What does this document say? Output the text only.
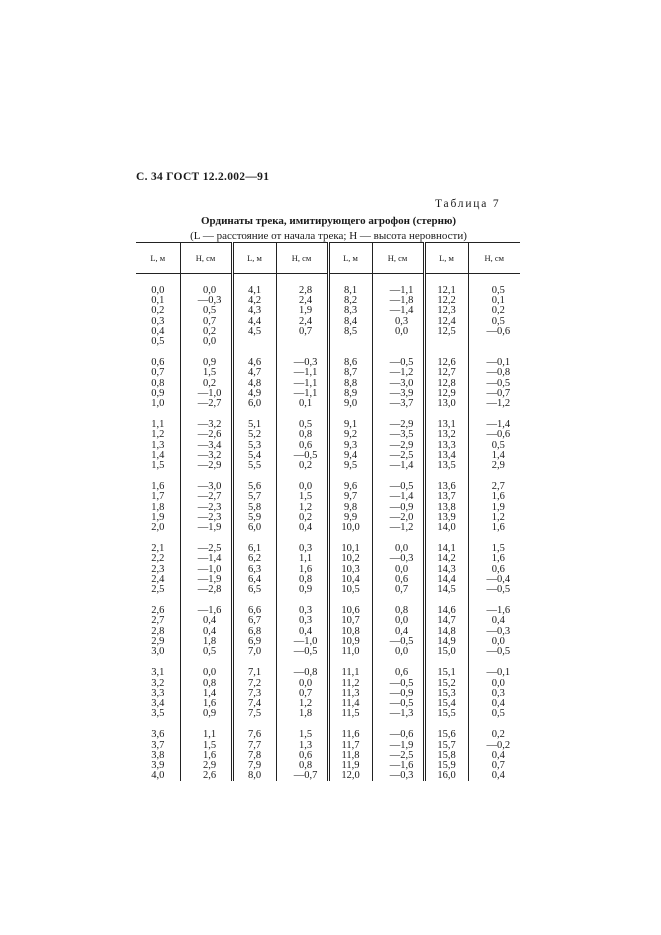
С. 34 ГОСТ 12.2.002—91
Таблица 7
Ординаты трека, имитирующего агрофон (стерню)
(L — расстояние от начала трека; H — высота неровности)
L, м	H, см	L, м	H, см	L, м	H, см	L, м	H, см
0,0	0,0	4,1	2,8	8,1	—1,1	12,1	0,5
0,1	—0,3	4,2	2,4	8,2	—1,8	12,2	0,1
0,2	0,5	4,3	1,9	8,3	—1,4	12,3	0,2
0,3	0,7	4,4	2,4	8,4	0,3	12,4	0,5
0,4	0,2	4,5	0,7	8,5	0,0	12,5	—0,6
0,5	0,0						

0,6	0,9	4,6	—0,3	8,6	—0,5	12,6	—0,1
0,7	1,5	4,7	—1,1	8,7	—1,2	12,7	—0,8
0,8	0,2	4,8	—1,1	8,8	—3,0	12,8	—0,5
0,9	—1,0	4,9	—1,1	8,9	—3,9	12,9	—0,7
1,0	—2,7	6,0	0,1	9,0	—3,7	13,0	—1,2

1,1	—3,2	5,1	0,5	9,1	—2,9	13,1	—1,4
1,2	—2,6	5,2	0,8	9,2	—3,5	13,2	—0,6
1,3	—3,4	5,3	0,6	9,3	—2,9	13,3	0,5
1,4	—3,2	5,4	—0,5	9,4	—2,5	13,4	1,4
1,5	—2,9	5,5	0,2	9,5	—1,4	13,5	2,9

1,6	—3,0	5,6	0,0	9,6	—0,5	13,6	2,7
1,7	—2,7	5,7	1,5	9,7	—1,4	13,7	1,6
1,8	—2,3	5,8	1,2	9,8	—0,9	13,8	1,9
1,9	—2,3	5,9	0,2	9,9	—2,0	13,9	1,2
2,0	—1,9	6,0	0,4	10,0	—1,2	14,0	1,6

2,1	—2,5	6,1	0,3	10,1	0,0	14,1	1,5
2,2	—1,4	6,2	1,1	10,2	—0,3	14,2	1,6
2,3	—1,0	6,3	1,6	10,3	0,0	14,3	0,6
2,4	—1,9	6,4	0,8	10,4	0,6	14,4	—0,4
2,5	—2,8	6,5	0,9	10,5	0,7	14,5	—0,5

2,6	—1,6	6,6	0,3	10,6	0,8	14,6	—1,6
2,7	0,4	6,7	0,3	10,7	0,0	14,7	0,4
2,8	0,4	6,8	0,4	10,8	0,4	14,8	—0,3
2,9	1,8	6,9	—1,0	10,9	—0,5	14,9	0,0
3,0	0,5	7,0	—0,5	11,0	0,0	15,0	—0,5

3,1	0,0	7,1	—0,8	11,1	0,6	15,1	—0,1
3,2	0,8	7,2	0,0	11,2	—0,5	15,2	0,0
3,3	1,4	7,3	0,7	11,3	—0,9	15,3	0,3
3,4	1,6	7,4	1,2	11,4	—0,5	15,4	0,4
3,5	0,9	7,5	1,8	11,5	—1,3	15,5	0,5

3,6	1,1	7,6	1,5	11,6	—0,6	15,6	0,2
3,7	1,5	7,7	1,3	11,7	—1,9	15,7	—0,2
3,8	1,6	7,8	0,6	11,8	—2,5	15,8	0,4
3,9	2,9	7,9	0,8	11,9	—1,6	15,9	0,7
4,0	2,6	8,0	—0,7	12,0	—0,3	16,0	0,4
